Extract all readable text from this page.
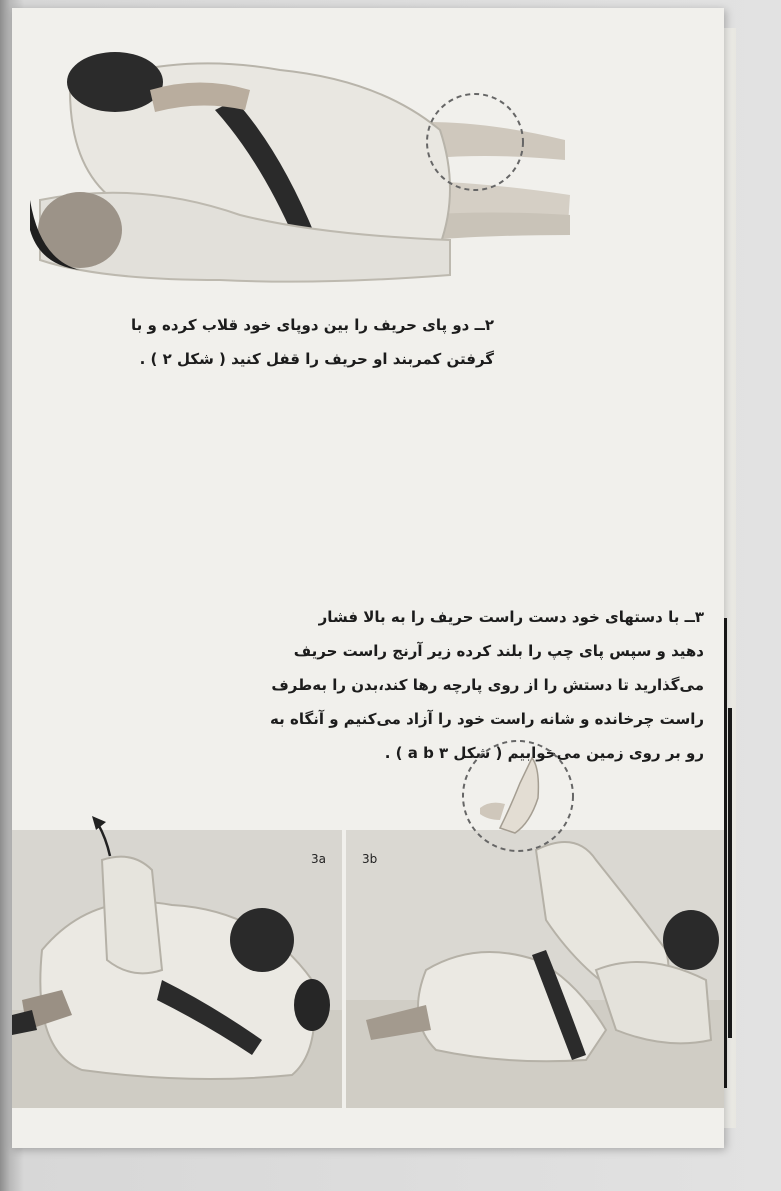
۲ــ دو پای حریف را بین دوپای خود قلاب کرده و با

گرفتن کمربند او حریف را قفل کنید ( شکل ۲ ) .

۳ــ با دستهای خود دست راست حریف را به بالا فشار

دهید و سپس پای چپ را بلند کرده زیر آرنج راست حریف

می‌گذارید تا دستش را از روی پارچه رها کند،بدن را به‌طرف

راست چرخانده و شانه راست خود را آزاد می‌کنیم و آنگاه به

رو بر روی زمین می‌خوابیم ( شکل a b ۳ ) .

3a	3b
